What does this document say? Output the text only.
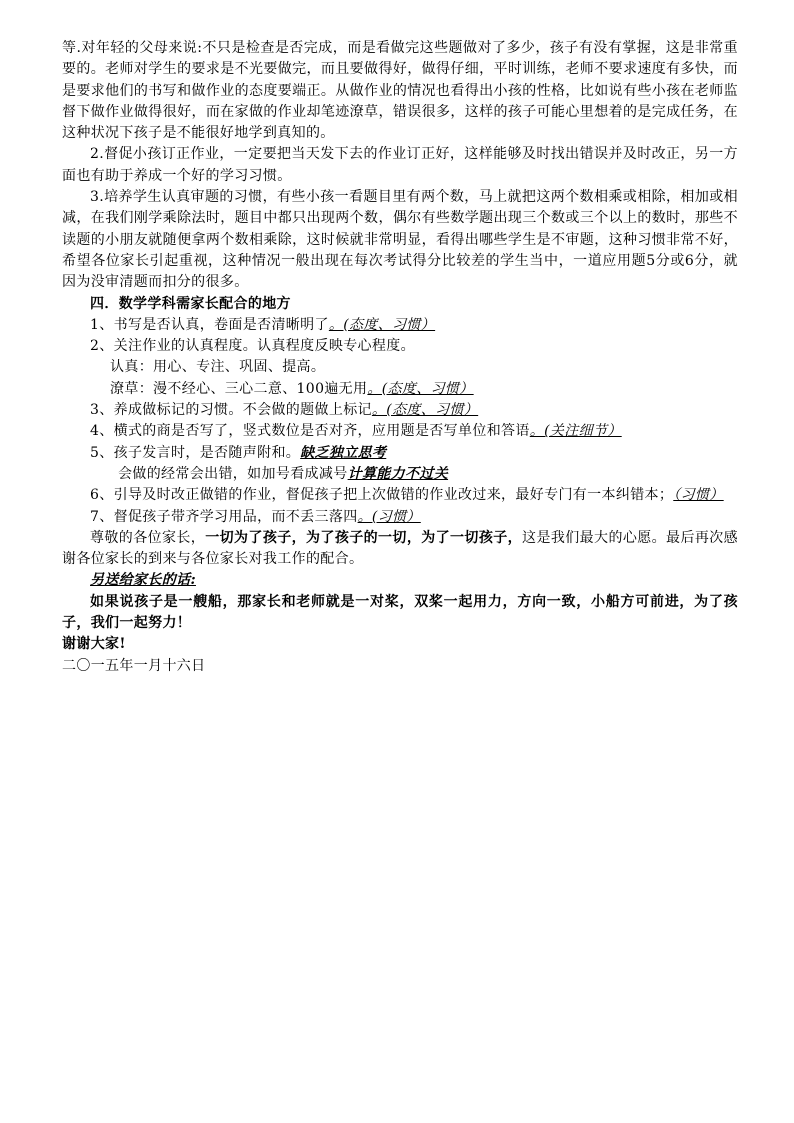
等.对年轻的父母来说:不只是检查是否完成，而是看做完这些题做对了多少，孩子有没有掌握，这是非常重要的。老师对学生的要求是不光要做完，而且要做得好，做得仔细，平时训练，老师不要求速度有多快，而是要求他们的书写和做作业的态度要端正。从做作业的情况也看得出小孩的性格，比如说有些小孩在老师监督下做作业做得很好，而在家做的作业却笔迹潦草，错误很多，这样的孩子可能心里想着的是完成任务，在这种状况下孩子是不能很好地学到真知的。

2.督促小孩订正作业，一定要把当天发下去的作业订正好，这样能够及时找出错误并及时改正，另一方面也有助于养成一个好的学习习惯。

3.培养学生认真审题的习惯，有些小孩一看题目里有两个数，马上就把这两个数相乘或相除，相加或相减，在我们刚学乘除法时，题目中都只出现两个数，偶尔有些数学题出现三个数或三个以上的数时，那些不读题的小朋友就随便拿两个数相乘除，这时候就非常明显，看得出哪些学生是不审题，这种习惯非常不好，希望各位家长引起重视，这种情况一般出现在每次考试得分比较差的学生当中，一道应用题5分或6分，就因为没审清题而扣分的很多。

四．数学学科需家长配合的地方

1、书写是否认真，卷面是否清晰明了。(态度、习惯）

2、关注作业的认真程度。认真程度反映专心程度。

认真：用心、专注、巩固、提高。

潦草：漫不经心、三心二意、100遍无用。(态度、习惯）

3、养成做标记的习惯。不会做的题做上标记。(态度、习惯）

4、横式的商是否写了，竖式数位是否对齐，应用题是否写单位和答语。(关注细节）

5、孩子发言时，是否随声附和。缺乏独立思考

会做的经常会出错，如加号看成减号计算能力不过关

6、引导及时改正做错的作业，督促孩子把上次做错的作业改过来，最好专门有一本纠错本；（习惯）

7、督促孩子带齐学习用品，而不丢三落四。(习惯）

尊敬的各位家长，一切为了孩子，为了孩子的一切，为了一切孩子，这是我们最大的心愿。最后再次感谢各位家长的到来与各位家长对我工作的配合。

另送给家长的话:

如果说孩子是一艘船，那家长和老师就是一对桨，双桨一起用力，方向一致，小船方可前进，为了孩子，我们一起努力！

谢谢大家!

二〇一五年一月十六日
